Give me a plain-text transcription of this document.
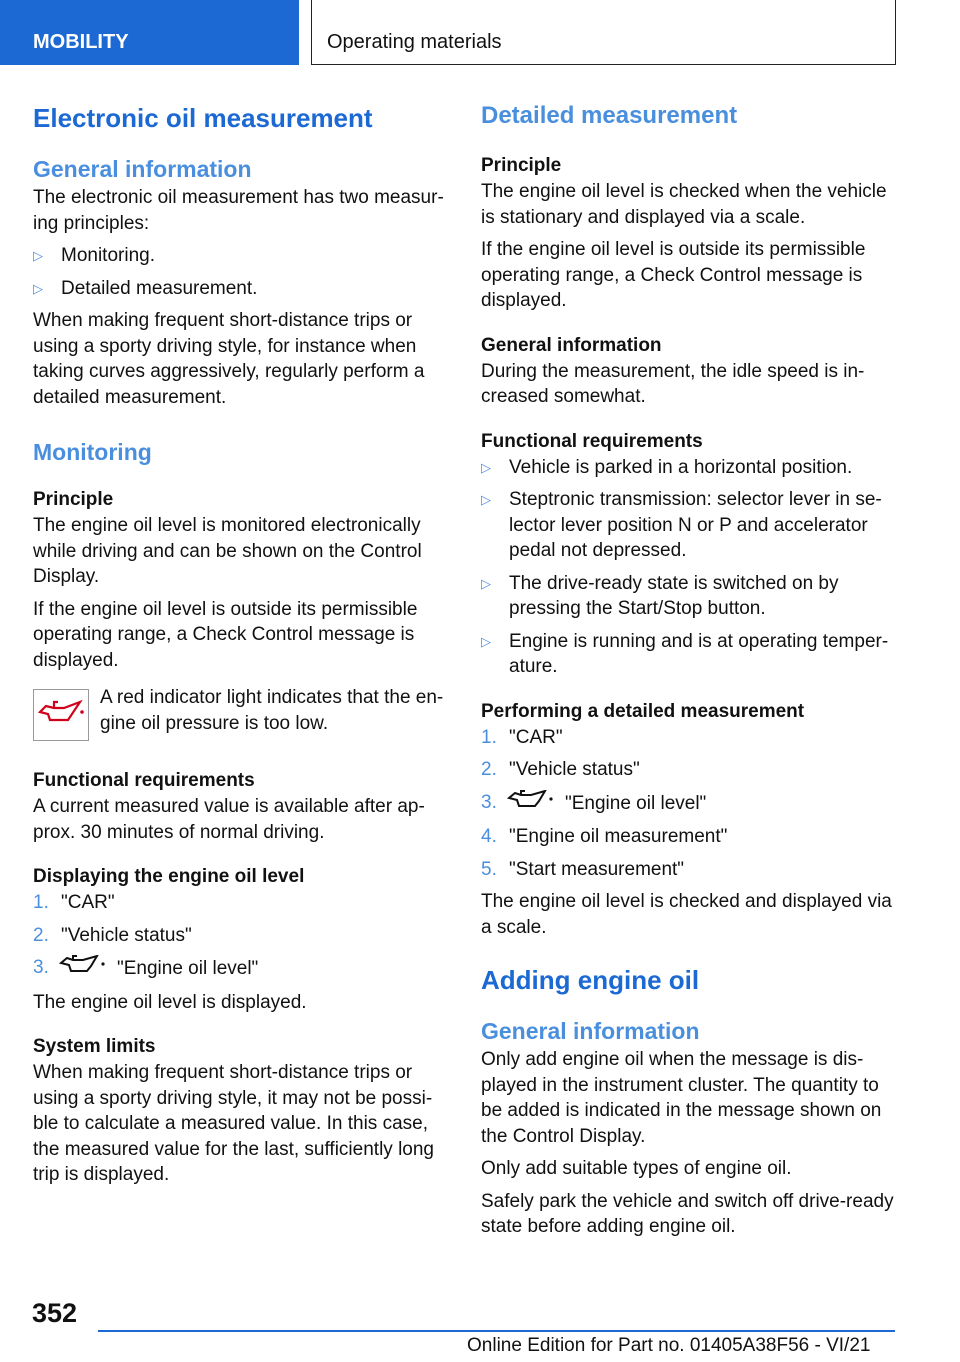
MOBILITY	Operating materials
Electronic oil measurement
General information
The electronic oil measurement has two measur‐ing principles:
▷ Monitoring.
▷ Detailed measurement.
When making frequent short-distance trips or using a sporty driving style, for instance when taking curves aggressively, regularly perform a detailed measurement.
Monitoring
Principle
The engine oil level is monitored electronically while driving and can be shown on the Control Display.
If the engine oil level is outside its permissible operating range, a Check Control message is displayed.
A red indicator light indicates that the en‐gine oil pressure is too low.
Functional requirements
A current measured value is available after ap‐prox. 30 minutes of normal driving.
Displaying the engine oil level
1. "CAR"
2. "Vehicle status"
3.	"Engine oil level"
The engine oil level is displayed.
System limits
When making frequent short-distance trips or using a sporty driving style, it may not be possi‐ble to calculate a measured value. In this case, the measured value for the last, sufficiently long trip is displayed.
Detailed measurement
Principle
The engine oil level is checked when the vehicle is stationary and displayed via a scale.
If the engine oil level is outside its permissible operating range, a Check Control message is displayed.
General information
During the measurement, the idle speed is in‐creased somewhat.
Functional requirements
▷ Vehicle is parked in a horizontal position.
▷ Steptronic transmission: selector lever in se‐lector lever position N or P and accelerator pedal not depressed.
▷ The drive-ready state is switched on by pressing the Start/Stop button.
▷ Engine is running and is at operating temper‐ature.
Performing a detailed measurement
1. "CAR"
2. "Vehicle status"
3.	"Engine oil level"
4. "Engine oil measurement"
5. "Start measurement"
The engine oil level is checked and displayed via a scale.
Adding engine oil
General information
Only add engine oil when the message is dis‐played in the instrument cluster. The quantity to be added is indicated in the message shown on the Control Display.
Only add suitable types of engine oil.
Safely park the vehicle and switch off drive-ready state before adding engine oil.
352
Online Edition for Part no. 01405A38F56 - VI/21
